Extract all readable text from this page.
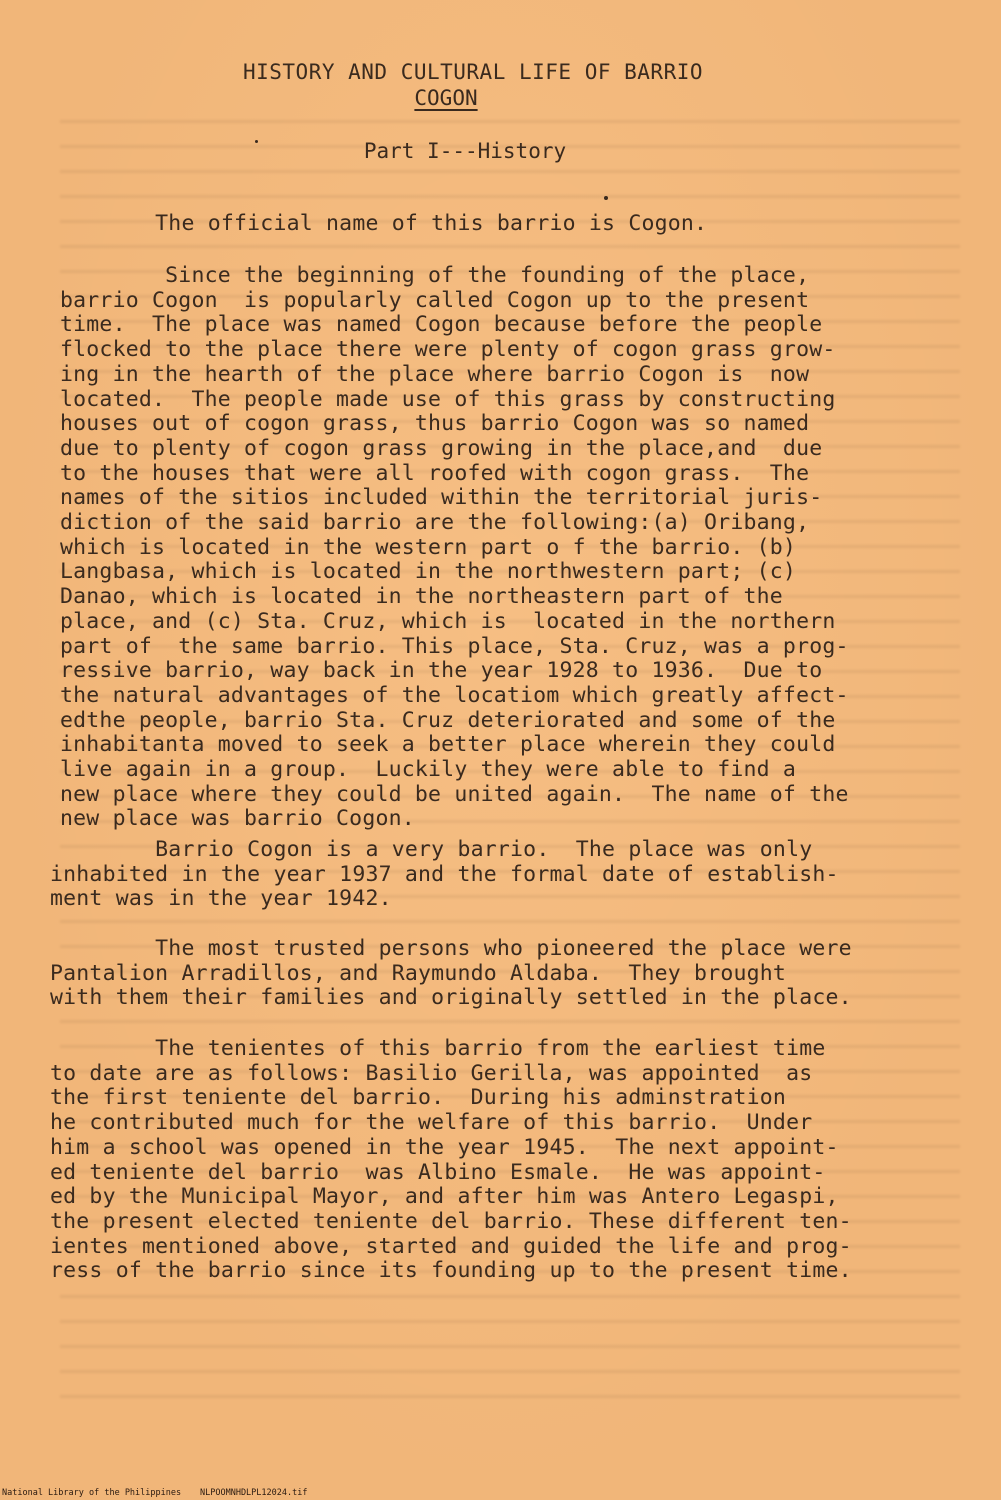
HISTORY AND CULTURAL LIFE OF BARRIO
COGON
Part I---History
The official name of this barrio is Cogon.
Since the beginning of the founding of the place,
barrio Cogon  is popularly called Cogon up to the present
time.  The place was named Cogon because before the people
flocked to the place there were plenty of cogon grass grow-
ing in the hearth of the place where barrio Cogon is  now
located.  The people made use of this grass by constructing
houses out of cogon grass, thus barrio Cogon was so named
due to plenty of cogon grass growing in the place,and  due
to the houses that were all roofed with cogon grass.  The
names of the sitios included within the territorial juris-
diction of the said barrio are the following:(a) Oribang,
which is located in the western part o f the barrio. (b)
Langbasa, which is located in the northwestern part; (c)
Danao, which is located in the northeastern part of the
place, and (c) Sta. Cruz, which is  located in the northern
part of  the same barrio. This place, Sta. Cruz, was a prog-
ressive barrio, way back in the year 1928 to 1936.  Due to
the natural advantages of the locatiom which greatly affect-
edthe people, barrio Sta. Cruz deteriorated and some of the
inhabitanta moved to seek a better place wherein they could
live again in a group.  Luckily they were able to find a
new place where they could be united again.  The name of the
new place was barrio Cogon.
Barrio Cogon is a very barrio.  The place was only
inhabited in the year 1937 and the formal date of establish-
ment was in the year 1942.
The most trusted persons who pioneered the place were
Pantalion Arradillos, and Raymundo Aldaba.  They brought
with them their families and originally settled in the place.
The tenientes of this barrio from the earliest time
to date are as follows: Basilio Gerilla, was appointed  as
the first teniente del barrio.  During his adminstration
he contributed much for the welfare of this barrio.  Under
him a school was opened in the year 1945.  The next appoint-
ed teniente del barrio  was Albino Esmale.  He was appoint-
ed by the Municipal Mayor, and after him was Antero Legaspi,
the present elected teniente del barrio. These different ten-
ientes mentioned above, started and guided the life and prog-
ress of the barrio since its founding up to the present time.
National Library of the Philippines NLPOOMNHDLPL12024.tif
